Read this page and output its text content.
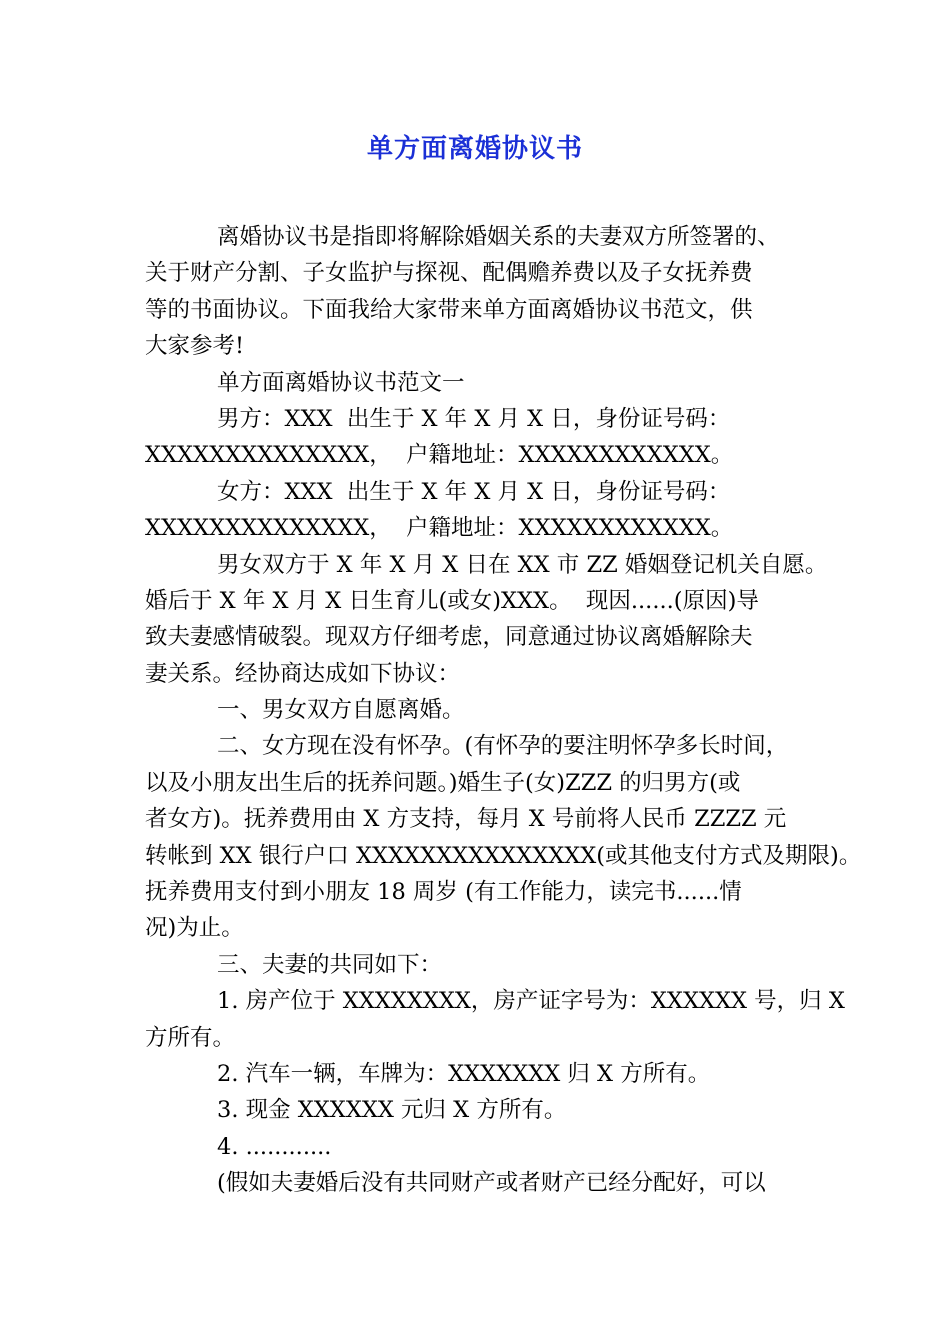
单方面离婚协议书
离婚协议书是指即将解除婚姻关系的夫妻双方所签署的、
关于财产分割、子女监护与探视、配偶赡养费以及子女抚养费
等的书面协议。下面我给大家带来单方面离婚协议书范文，供
大家参考!
单方面离婚协议书范文一
男方：XXX  出生于 X 年 X 月 X 日，身份证号码：
XXXXXXXXXXXXXX，  户籍地址：XXXXXXXXXXXX。
女方：XXX  出生于 X 年 X 月 X 日，身份证号码：
XXXXXXXXXXXXXX，  户籍地址：XXXXXXXXXXXX。
男女双方于 X 年 X 月 X 日在 XX 市 ZZ 婚姻登记机关自愿。
婚后于 X 年 X 月 X 日生育儿(或女)XXX。  现因......(原因)导
致夫妻感情破裂。现双方仔细考虑，同意通过协议离婚解除夫
妻关系。经协商达成如下协议：
一、男女双方自愿离婚。
二、女方现在没有怀孕。(有怀孕的要注明怀孕多长时间，
以及小朋友出生后的抚养问题。)婚生子(女)ZZZ 的归男方(或
者女方)。抚养费用由 X 方支持，每月 X 号前将人民币 ZZZZ 元
转帐到 XX 银行户口 XXXXXXXXXXXXXXX(或其他支付方式及期限)。
抚养费用支付到小朋友 18 周岁 (有工作能力，读完书......情
况)为止。
三、夫妻的共同如下：
1. 房产位于 XXXXXXXX，房产证字号为：XXXXXX 号，归 X
方所有。
2. 汽车一辆，车牌为：XXXXXXX 归 X 方所有。
3. 现金 XXXXXX 元归 X 方所有。
4. ............
(假如夫妻婚后没有共同财产或者财产已经分配好，可以
